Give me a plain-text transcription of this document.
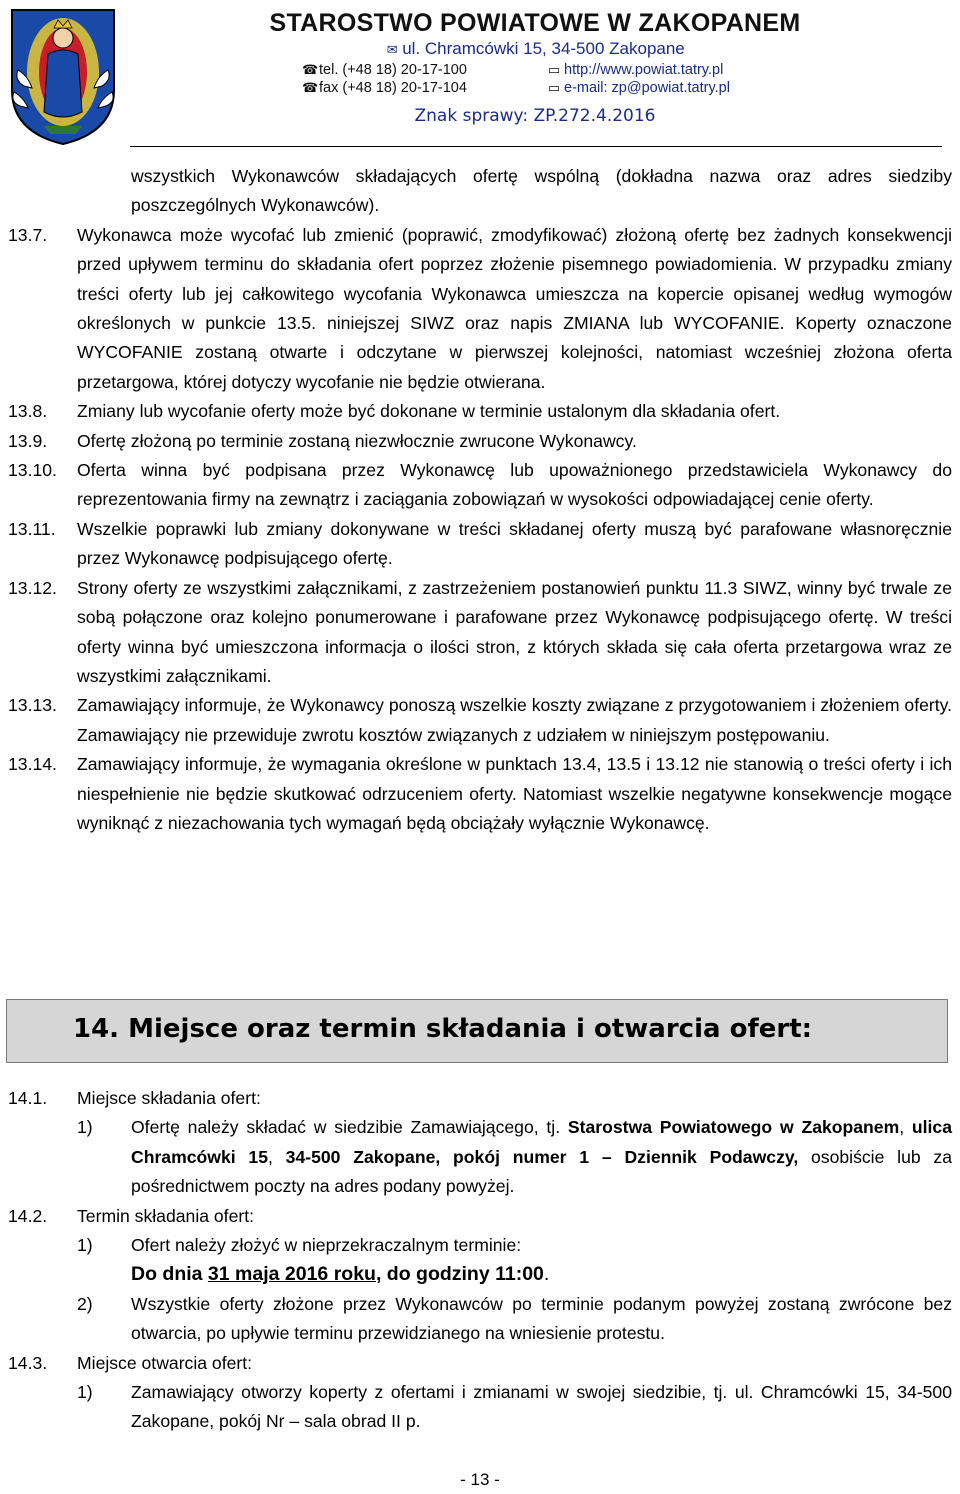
STAROSTWO POWIATOWE W ZAKOPANEM
✉ ul. Chramcówki 15, 34-500 Zakopane
☎tel. (+48 18) 20-17-100	▭ http://www.powiat.tatry.pl
☎fax (+48 18) 20-17-104	▭ e-mail: zp@powiat.tatry.pl
Znak sprawy: ZP.272.4.2016
wszystkich Wykonawców składających ofertę wspólną (dokładna nazwa oraz adres siedziby poszczególnych Wykonawców).
13.7. Wykonawca może wycofać lub zmienić (poprawić, zmodyfikować) złożoną ofertę bez żadnych konsekwencji przed upływem terminu do składania ofert poprzez złożenie pisemnego powiadomienia. W przypadku zmiany treści oferty lub jej całkowitego wycofania Wykonawca umieszcza na kopercie opisanej według wymogów określonych w punkcie 13.5. niniejszej SIWZ oraz napis ZMIANA lub WYCOFANIE. Koperty oznaczone WYCOFANIE zostaną otwarte i odczytane w pierwszej kolejności, natomiast wcześniej złożona oferta przetargowa, której dotyczy wycofanie nie będzie otwierana.
13.8. Zmiany lub wycofanie oferty może być dokonane w terminie ustalonym dla składania ofert.
13.9. Ofertę złożoną po terminie zostaną niezwłocznie zwrucone Wykonawcy.
13.10. Oferta winna być podpisana przez Wykonawcę lub upoważnionego przedstawiciela Wykonawcy do reprezentowania firmy na zewnątrz i zaciągania zobowiązań w wysokości odpowiadającej cenie oferty.
13.11. Wszelkie poprawki lub zmiany dokonywane w treści składanej oferty muszą być parafowane własnoręcznie przez Wykonawcę podpisującego ofertę.
13.12. Strony oferty ze wszystkimi załącznikami, z zastrzeżeniem postanowień punktu 11.3 SIWZ, winny być trwale ze sobą połączone oraz kolejno ponumerowane i parafowane przez Wykonawcę podpisującego ofertę. W treści oferty winna być umieszczona informacja o ilości stron, z których składa się cała oferta przetargowa wraz ze wszystkimi załącznikami.
13.13. Zamawiający informuje, że Wykonawcy ponoszą wszelkie koszty związane z przygotowaniem i złożeniem oferty. Zamawiający nie przewiduje zwrotu kosztów związanych z udziałem w niniejszym postępowaniu.
13.14. Zamawiający informuje, że wymagania określone w punktach 13.4, 13.5 i 13.12 nie stanowią o treści oferty i ich niespełnienie nie będzie skutkować odrzuceniem oferty. Natomiast wszelkie negatywne konsekwencje mogące wyniknąć z niezachowania tych wymagań będą obciążały wyłącznie Wykonawcę.
14. Miejsce oraz termin składania i otwarcia ofert:
14.1. Miejsce składania ofert:
1) Ofertę należy składać w siedzibie Zamawiającego, tj. Starostwa Powiatowego w Zakopanem, ulica Chramcówki 15, 34-500 Zakopane, pokój numer 1 – Dziennik Podawczy, osobiście lub za pośrednictwem poczty na adres podany powyżej.
14.2. Termin składania ofert:
1) Ofert należy złożyć w nieprzekraczalnym terminie:
Do dnia 31 maja 2016 roku, do godziny 11:00.
2) Wszystkie oferty złożone przez Wykonawców po terminie podanym powyżej zostaną zwrócone bez otwarcia, po upływie terminu przewidzianego na wniesienie protestu.
14.3. Miejsce otwarcia ofert:
1) Zamawiający otworzy koperty z ofertami i zmianami w swojej siedzibie, tj. ul. Chramcówki 15, 34-500 Zakopane, pokój Nr – sala obrad II p.
- 13 -
